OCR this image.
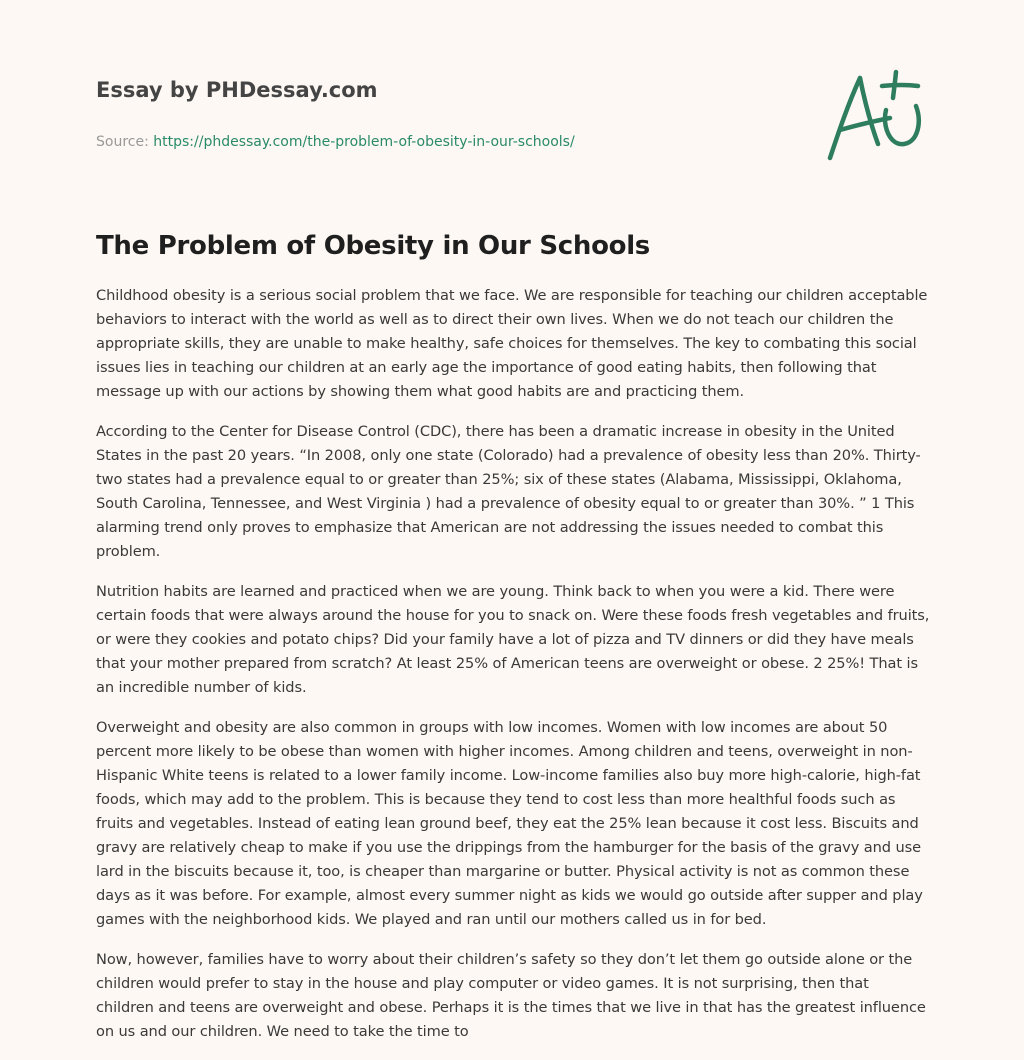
Essay by PHDessay.com
Source: https://phdessay.com/the-problem-of-obesity-in-our-schools/
The Problem of Obesity in Our Schools

Childhood obesity is a serious social problem that we face. We are responsible for teaching our children acceptable behaviors to interact with the world as well as to direct their own lives. When we do not teach our children the appropriate skills, they are unable to make healthy, safe choices for themselves. The key to combating this social issues lies in teaching our children at an early age the importance of good eating habits, then following that message up with our actions by showing them what good habits are and practicing them.

According to the Center for Disease Control (CDC), there has been a dramatic increase in obesity in the United States in the past 20 years. “In 2008, only one state (Colorado) had a prevalence of obesity less than 20%. Thirty-two states had a prevalence equal to or greater than 25%; six of these states (Alabama, Mississippi, Oklahoma, South Carolina, Tennessee, and West Virginia ) had a prevalence of obesity equal to or greater than 30%. ” 1 This alarming trend only proves to emphasize that American are not addressing the issues needed to combat this problem.

Nutrition habits are learned and practiced when we are young. Think back to when you were a kid. There were certain foods that were always around the house for you to snack on. Were these foods fresh vegetables and fruits, or were they cookies and potato chips? Did your family have a lot of pizza and TV dinners or did they have meals that your mother prepared from scratch? At least 25% of American teens are overweight or obese. 2 25%! That is an incredible number of kids.

Overweight and obesity are also common in groups with low incomes. Women with low incomes are about 50 percent more likely to be obese than women with higher incomes. Among children and teens, overweight in non-Hispanic White teens is related to a lower family income. Low-income families also buy more high-calorie, high-fat foods, which may add to the problem. This is because they tend to cost less than more healthful foods such as fruits and vegetables. Instead of eating lean ground beef, they eat the 25% lean because it cost less. Biscuits and gravy are relatively cheap to make if you use the drippings from the hamburger for the basis of the gravy and use lard in the biscuits because it, too, is cheaper than margarine or butter. Physical activity is not as common these days as it was before. For example, almost every summer night as kids we would go outside after supper and play games with the neighborhood kids. We played and ran until our mothers called us in for bed.

Now, however, families have to worry about their children’s safety so they don’t let them go outside alone or the children would prefer to stay in the house and play computer or video games. It is not surprising, then that children and teens are overweight and obese. Perhaps it is the times that we live in that has the greatest influence on us and our children. We need to take the time to
